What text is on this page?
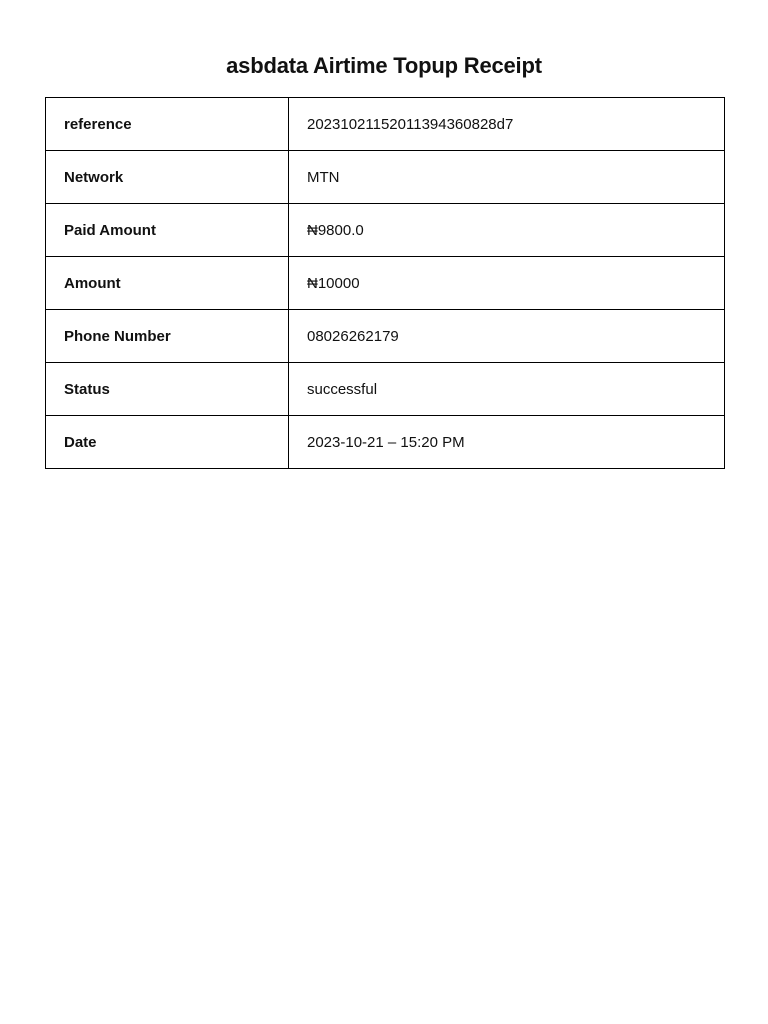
asbdata Airtime Topup Receipt
reference	20231021152011394360828d7
Network	MTN
Paid Amount	₦9800.0
Amount	₦10000
Phone Number	08026262179
Status	successful
Date	2023-10-21 – 15:20 PM
